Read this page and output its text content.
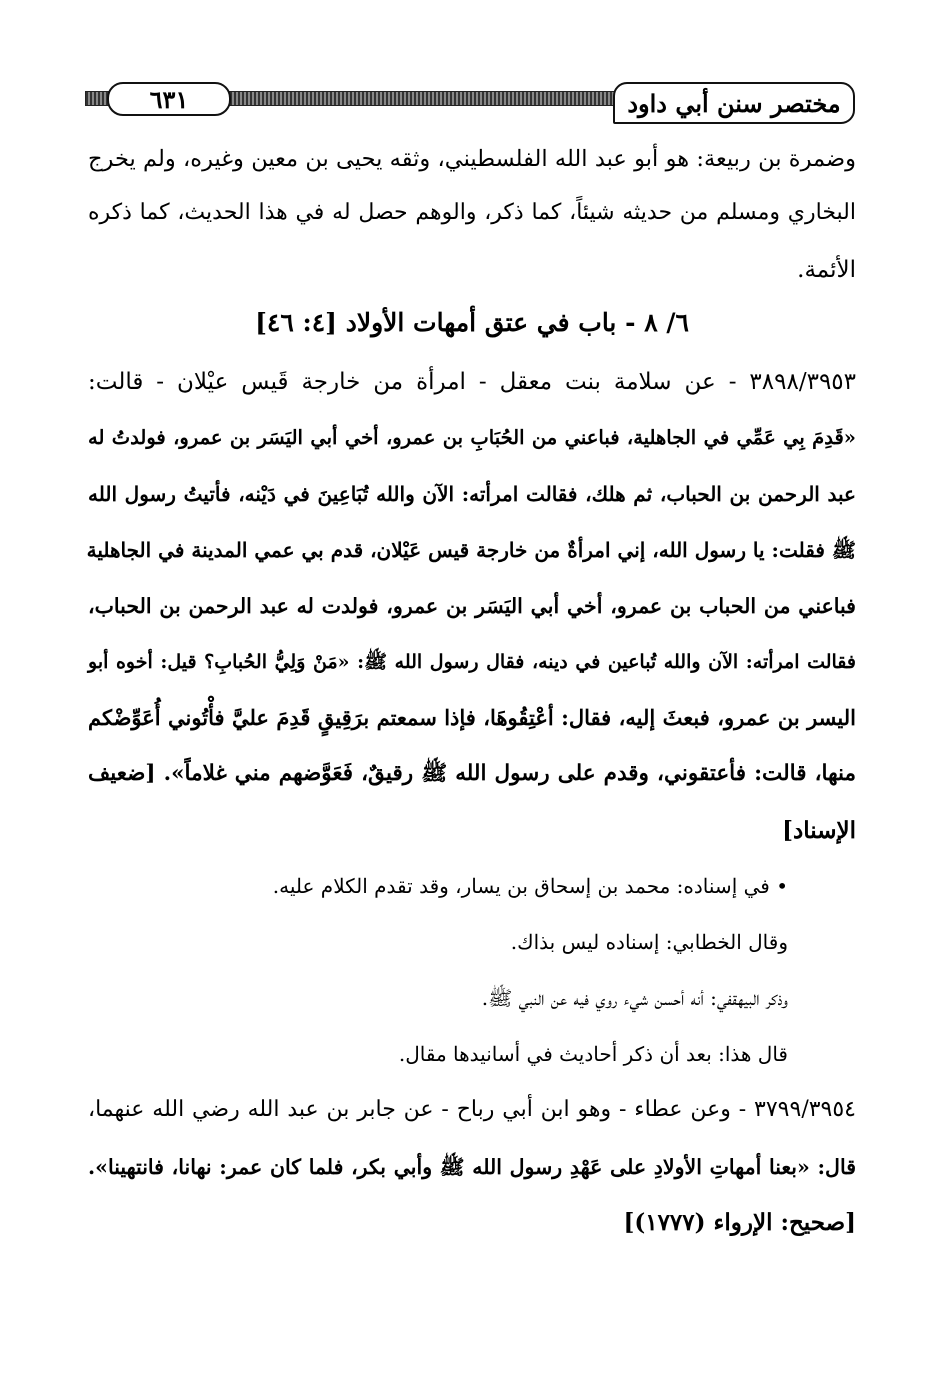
٦٣١	مختصر سنن أبي داود
وضمرة بن ربيعة: هو أبو عبد الله الفلسطيني، وثقه يحيى بن معين وغيره، ولم يخرج
البخاري ومسلم من حديثه شيئاً، كما ذكر، والوهم حصل له في هذا الحديث، كما ذكره
الأئمة.
٦/ ٨ - باب في عتق أمهات الأولاد [٤: ٤٦]
٣٨٩٨/٣٩٥٣ - عن سلامة بنت معقل - امرأة من خارجة قَيس عيْلان - قالت:
«قَدِمَ بِي عَمِّي في الجاهلية، فباعني من الحُبَابِ بن عمرو، أخي أبي اليَسَر بن عمرو، فولدتُ له
عبد الرحمن بن الحباب، ثم هلك، فقالت امرأته: الآن والله تُبَاعِينَ في دَيْنه، فأتيتُ رسول الله
ﷺ فقلت: يا رسول الله، إني امرأةٌ من خارجة قيس عَيْلان، قدم بي عمي المدينة في الجاهلية
فباعني من الحباب بن عمرو، أخي أبي اليَسَر بن عمرو، فولدت له عبد الرحمن بن الحباب،
فقالت امرأته: الآن والله تُباعين في دينه، فقال رسول الله ﷺ: «مَنْ وَلِيُّ الحُبابِ؟ قيل: أخوه أبو
اليسر بن عمرو، فبعثَ إليه، فقال: أعْتِقُوهَا، فإذا سمعتم برَقِيقٍ قَدِمَ عليَّ فأْتُوني أُعَوِّضْكم
منها، قالت: فأعتقوني، وقدم على رسول الله ﷺ رقيقٌ، فَعَوَّضهم مني غلاماً». [ضعيف
الإسناد]
• في إسناده: محمد بن إسحاق بن يسار، وقد تقدم الكلام عليه.
وقال الخطابي: إسناده ليس بذاك.
وذكر البيهقفي: أنه أحسن شيء روي فيه عن النبي ﷺ.
قال هذا: بعد أن ذكر أحاديث في أسانيدها مقال.
٣٧٩٩/٣٩٥٤ - وعن عطاء - وهو ابن أبي رباح - عن جابر بن عبد الله رضي الله عنهما،
قال: «بعنا أمهاتِ الأولادِ على عَهْدِ رسول الله ﷺ وأبي بكر، فلما كان عمر: نهانا، فانتهينا».
[صحيح: الإرواء (١٧٧٧)]
